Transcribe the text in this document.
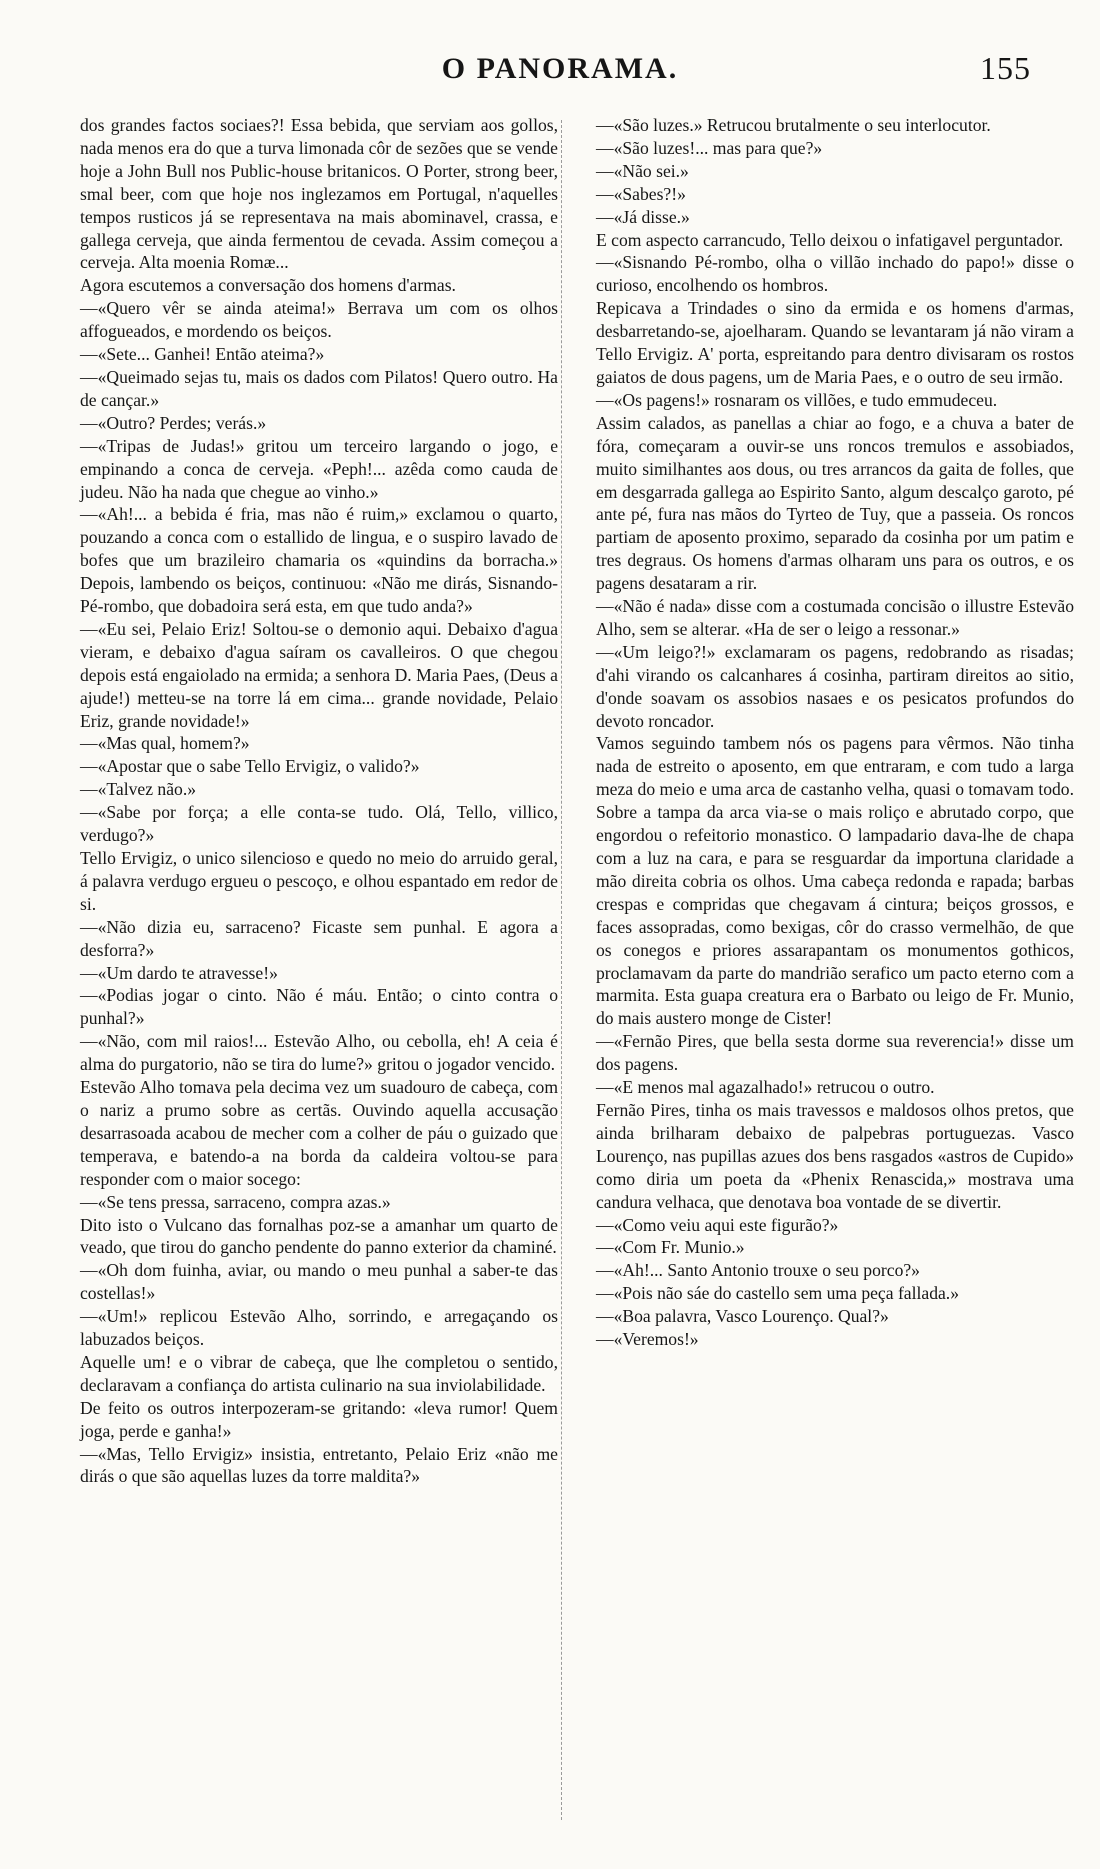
O PANORAMA.	155

dos grandes factos sociaes?! Essa bebida, que serviam aos gollos, nada menos era do que a turva limonada côr de sezões que se vende hoje a John Bull nos Public-house britanicos. O Porter, strong beer, smal beer, com que hoje nos inglezamos em Portugal, n'aquelles tempos rusticos já se representava na mais abominavel, crassa, e gallega cerveja, que ainda fermentou de cevada. Assim começou a cerveja. Alta moenia Romæ...

Agora escutemos a conversação dos homens d'armas.

—«Quero vêr se ainda ateima!» Berrava um com os olhos affogueados, e mordendo os beiços.

—«Sete... Ganhei! Então ateima?»

—«Queimado sejas tu, mais os dados com Pilatos! Quero outro. Ha de cançar.»

—«Outro? Perdes; verás.»

—«Tripas de Judas!» gritou um terceiro largando o jogo, e empinando a conca de cerveja. «Peph!... azêda como cauda de judeu. Não ha nada que chegue ao vinho.»

—«Ah!... a bebida é fria, mas não é ruim,» exclamou o quarto, pouzando a conca com o estallido de lingua, e o suspiro lavado de bofes que um brazileiro chamaria os «quindins da borracha.» Depois, lambendo os beiços, continuou: «Não me dirás, Sisnando-Pé-rombo, que dobadoira será esta, em que tudo anda?»

—«Eu sei, Pelaio Eriz! Soltou-se o demonio aqui. Debaixo d'agua vieram, e debaixo d'agua saíram os cavalleiros. O que chegou depois está engaiolado na ermida; a senhora D. Maria Paes, (Deus a ajude!) metteu-se na torre lá em cima... grande novidade, Pelaio Eriz, grande novidade!»

—«Mas qual, homem?»

—«Apostar que o sabe Tello Ervigiz, o valido?»

—«Talvez não.»

—«Sabe por força; a elle conta-se tudo. Olá, Tello, villico, verdugo?»

Tello Ervigiz, o unico silencioso e quedo no meio do arruido geral, á palavra verdugo ergueu o pescoço, e olhou espantado em redor de si.

—«Não dizia eu, sarraceno? Ficaste sem punhal. E agora a desforra?»

—«Um dardo te atravesse!»

—«Podias jogar o cinto. Não é máu. Então; o cinto contra o punhal?»

—«Não, com mil raios!... Estevão Alho, ou cebolla, eh! A ceia é alma do purgatorio, não se tira do lume?» gritou o jogador vencido.

Estevão Alho tomava pela decima vez um suadouro de cabeça, com o nariz a prumo sobre as certãs. Ouvindo aquella accusação desarrasoada acabou de mecher com a colher de páu o guizado que temperava, e batendo-a na borda da caldeira voltou-se para responder com o maior socego:

—«Se tens pressa, sarraceno, compra azas.»

Dito isto o Vulcano das fornalhas poz-se a amanhar um quarto de veado, que tirou do gancho pendente do panno exterior da chaminé.

—«Oh dom fuinha, aviar, ou mando o meu punhal a saber-te das costellas!»

—«Um!» replicou Estevão Alho, sorrindo, e arregaçando os labuzados beiços.

Aquelle um! e o vibrar de cabeça, que lhe completou o sentido, declaravam a confiança do artista culinario na sua inviolabilidade.

De feito os outros interpozeram-se gritando: «leva rumor! Quem joga, perde e ganha!»

—«Mas, Tello Ervigiz» insistia, entretanto, Pelaio Eriz «não me dirás o que são aquellas luzes da torre maldita?»

—«São luzes.» Retrucou brutalmente o seu interlocutor.

—«São luzes!... mas para que?»

—«Não sei.»

—«Sabes?!»

—«Já disse.»

E com aspecto carrancudo, Tello deixou o infatigavel perguntador.

—«Sisnando Pé-rombo, olha o villão inchado do papo!» disse o curioso, encolhendo os hombros.

Repicava a Trindades o sino da ermida e os homens d'armas, desbarretando-se, ajoelharam. Quando se levantaram já não viram a Tello Ervigiz. A' porta, espreitando para dentro divisaram os rostos gaiatos de dous pagens, um de Maria Paes, e o outro de seu irmão.

—«Os pagens!» rosnaram os villões, e tudo emmudeceu.

Assim calados, as panellas a chiar ao fogo, e a chuva a bater de fóra, começaram a ouvir-se uns roncos tremulos e assobiados, muito similhantes aos dous, ou tres arrancos da gaita de folles, que em desgarrada gallega ao Espirito Santo, algum descalço garoto, pé ante pé, fura nas mãos do Tyrteo de Tuy, que a passeia. Os roncos partiam de aposento proximo, separado da cosinha por um patim e tres degraus. Os homens d'armas olharam uns para os outros, e os pagens desataram a rir.

—«Não é nada» disse com a costumada concisão o illustre Estevão Alho, sem se alterar. «Ha de ser o leigo a ressonar.»

—«Um leigo?!» exclamaram os pagens, redobrando as risadas; d'ahi virando os calcanhares á cosinha, partiram direitos ao sitio, d'onde soavam os assobios nasaes e os pesicatos profundos do devoto roncador.

Vamos seguindo tambem nós os pagens para vêrmos. Não tinha nada de estreito o aposento, em que entraram, e com tudo a larga meza do meio e uma arca de castanho velha, quasi o tomavam todo. Sobre a tampa da arca via-se o mais roliço e abrutado corpo, que engordou o refeitorio monastico. O lampadario dava-lhe de chapa com a luz na cara, e para se resguardar da importuna claridade a mão direita cobria os olhos. Uma cabeça redonda e rapada; barbas crespas e compridas que chegavam á cintura; beiços grossos, e faces assopradas, como bexigas, côr do crasso vermelhão, de que os conegos e priores assarapantam os monumentos gothicos, proclamavam da parte do mandrião serafico um pacto eterno com a marmita. Esta guapa creatura era o Barbato ou leigo de Fr. Munio, do mais austero monge de Cister!

—«Fernão Pires, que bella sesta dorme sua reverencia!» disse um dos pagens.

—«E menos mal agazalhado!» retrucou o outro.

Fernão Pires, tinha os mais travessos e maldosos olhos pretos, que ainda brilharam debaixo de palpebras portuguezas. Vasco Lourenço, nas pupillas azues dos bens rasgados «astros de Cupido» como diria um poeta da «Phenix Renascida,» mostrava uma candura velhaca, que denotava boa vontade de se divertir.

—«Como veiu aqui este figurão?»

—«Com Fr. Munio.»

—«Ah!... Santo Antonio trouxe o seu porco?»

—«Pois não sáe do castello sem uma peça fallada.»

—«Boa palavra, Vasco Lourenço. Qual?»

—«Veremos!»
